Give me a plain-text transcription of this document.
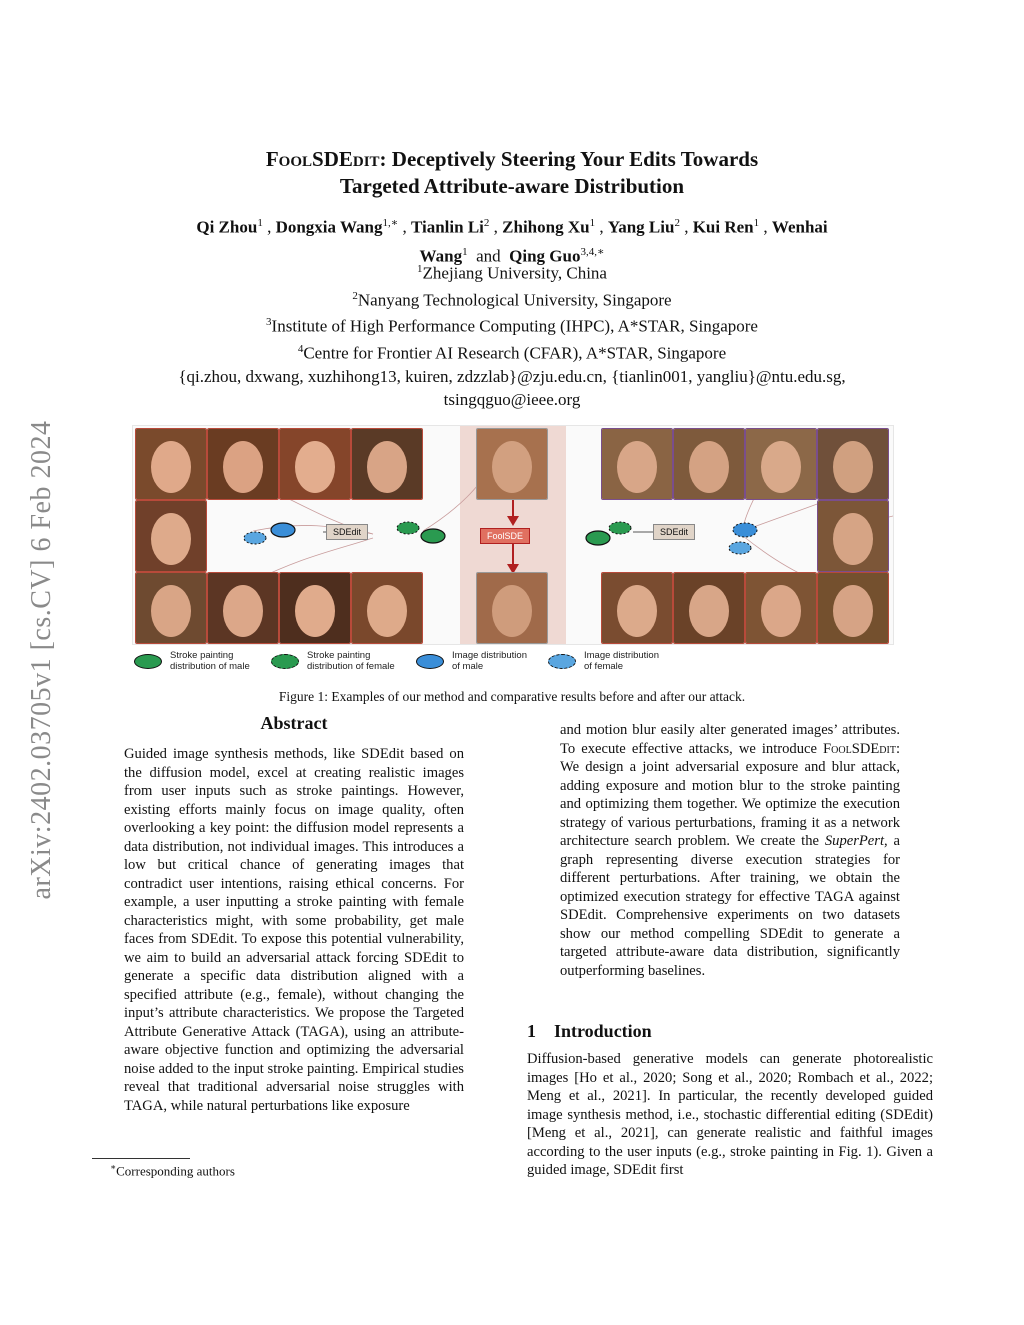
arXiv:2402.03705v1 [cs.CV] 6 Feb 2024
FoolSDEdit: Deceptively Steering Your Edits Towards
Targeted Attribute-aware Distribution
Qi Zhou$^1$ , Dongxia Wang$^{1,∗}$ , Tianlin Li$^2$ , Zhihong Xu$^1$ , Yang Liu$^2$ , Kui Ren$^1$ , Wenhai
Wang$^1$ and Qing Guo$^{3,4,∗}$
$^1$Zhejiang University, China
$^2$Nanyang Technological University, Singapore
$^3$Institute of High Performance Computing (IHPC), A*STAR, Singapore
$^4$Centre for Frontier AI Research (CFAR), A*STAR, Singapore
{qi.zhou, dxwang, xuzhihong13, kuiren, zdzzlab}@zju.edu.cn, {tianlin001, yangliu}@ntu.edu.sg,
tsingqguo@ieee.org
SDEdit	FoolSDE	SDEdit
Stroke painting
distribution of male
Stroke painting
distribution of female
Image distribution
of male
Image distribution
of female
Figure 1: Examples of our method and comparative results before and after our attack.
Abstract

Guided image synthesis methods, like SDEdit based on the diffusion model, excel at creating realistic images from user inputs such as stroke paintings. However, existing efforts mainly focus on image quality, often overlooking a key point: the diffusion model represents a data distribution, not individual images. This introduces a low but critical chance of generating images that contradict user intentions, raising ethical concerns. For example, a user inputting a stroke painting with female characteristics might, with some probability, get male faces from SDEdit. To expose this potential vulnerability, we aim to build an adversarial attack forcing SDEdit to generate a specific data distribution aligned with a specified attribute (e.g., female), without changing the input’s attribute characteristics. We propose the Targeted Attribute Generative Attack (TAGA), using an attribute-aware objective function and optimizing the adversarial noise added to the input stroke painting. Empirical studies reveal that traditional adversarial noise struggles with TAGA, while natural perturbations like exposure

and motion blur easily alter generated images’ attributes. To execute effective attacks, we introduce FoolSDEdit: We design a joint adversarial exposure and blur attack, adding exposure and motion blur to the stroke painting and optimizing them together. We optimize the execution strategy of various perturbations, framing it as a network architecture search problem. We create the SuperPert, a graph representing diverse execution strategies for different perturbations. After training, we obtain the optimized execution strategy for effective TAGA against SDEdit. Comprehensive experiments on two datasets show our method compelling SDEdit to generate a targeted attribute-aware data distribution, significantly outperforming baselines.

1    Introduction

Diffusion-based generative models can generate photorealistic images [Ho et al., 2020; Song et al., 2020; Rombach et al., 2022; Meng et al., 2021]. In particular, the recently developed guided image synthesis method, i.e., stochastic differential editing (SDEdit) [Meng et al., 2021], can generate realistic and faithful images according to the user inputs (e.g., stroke painting in Fig. 1). Given a guided image, SDEdit first

∗Corresponding authors
